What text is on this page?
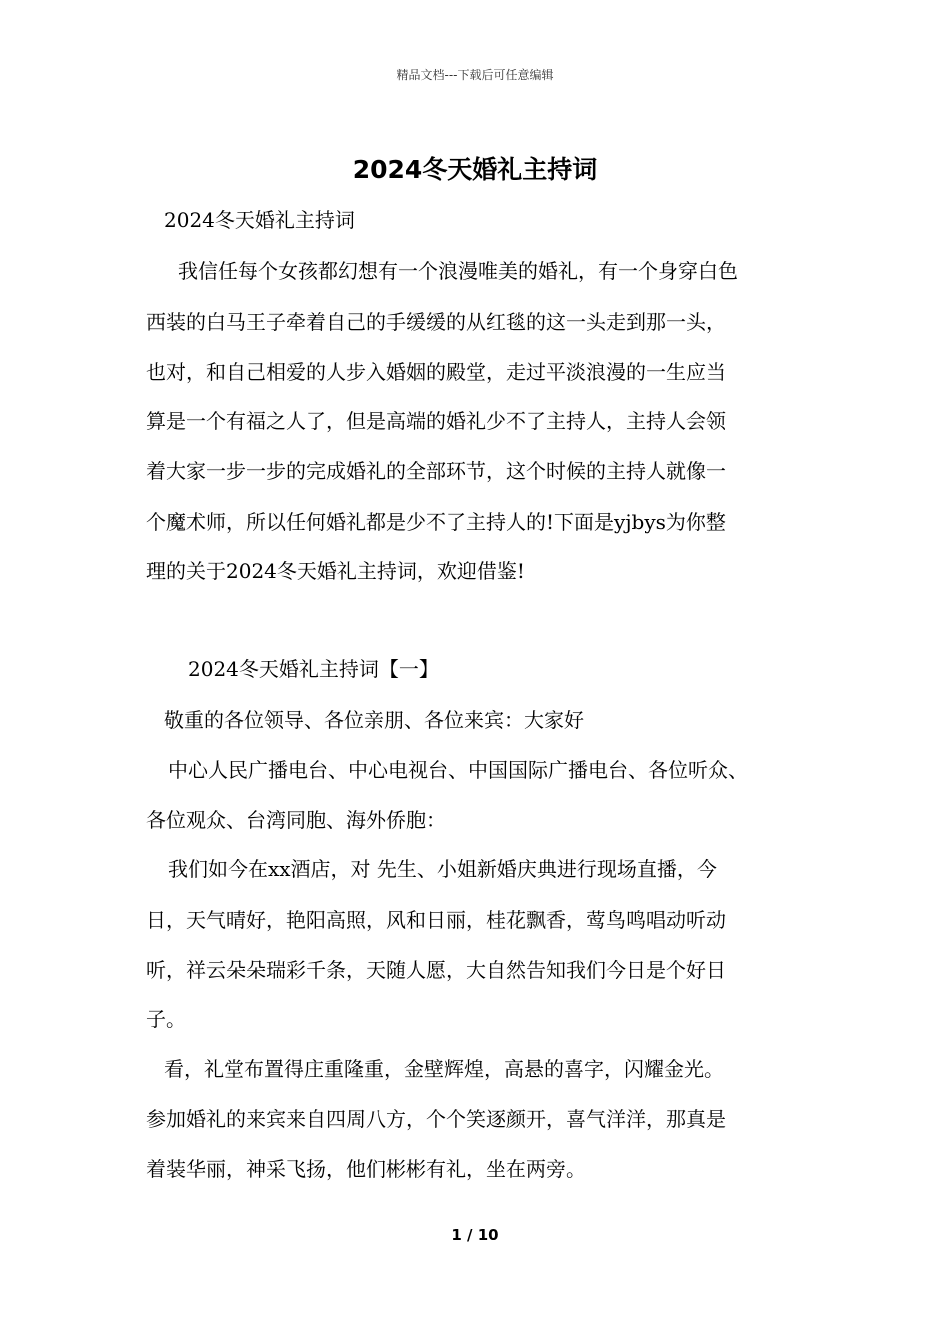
精品文档---下载后可任意编辑
2024冬天婚礼主持词
2024冬天婚礼主持词
我信任每个女孩都幻想有一个浪漫唯美的婚礼，有一个身穿白色
西装的白马王子牵着自己的手缓缓的从红毯的这一头走到那一头，
也对，和自己相爱的人步入婚姻的殿堂，走过平淡浪漫的一生应当
算是一个有福之人了，但是高端的婚礼少不了主持人，主持人会领
着大家一步一步的完成婚礼的全部环节，这个时候的主持人就像一
个魔术师，所以任何婚礼都是少不了主持人的!下面是yjbys为你整
理的关于2024冬天婚礼主持词，欢迎借鉴!
2024冬天婚礼主持词【一】
敬重的各位领导、各位亲朋、各位来宾：大家好
中心人民广播电台、中心电视台、中国国际广播电台、各位听众、
各位观众、台湾同胞、海外侨胞：
我们如今在xx酒店，对 先生、小姐新婚庆典进行现场直播，今
日，天气晴好，艳阳高照，风和日丽，桂花飘香，莺鸟鸣唱动听动
听，祥云朵朵瑞彩千条，天随人愿，大自然告知我们今日是个好日
子。
看，礼堂布置得庄重隆重，金壁辉煌，高悬的喜字，闪耀金光。
参加婚礼的来宾来自四周八方，个个笑逐颜开，喜气洋洋，那真是
着装华丽，神采飞扬，他们彬彬有礼，坐在两旁。
1 / 10
